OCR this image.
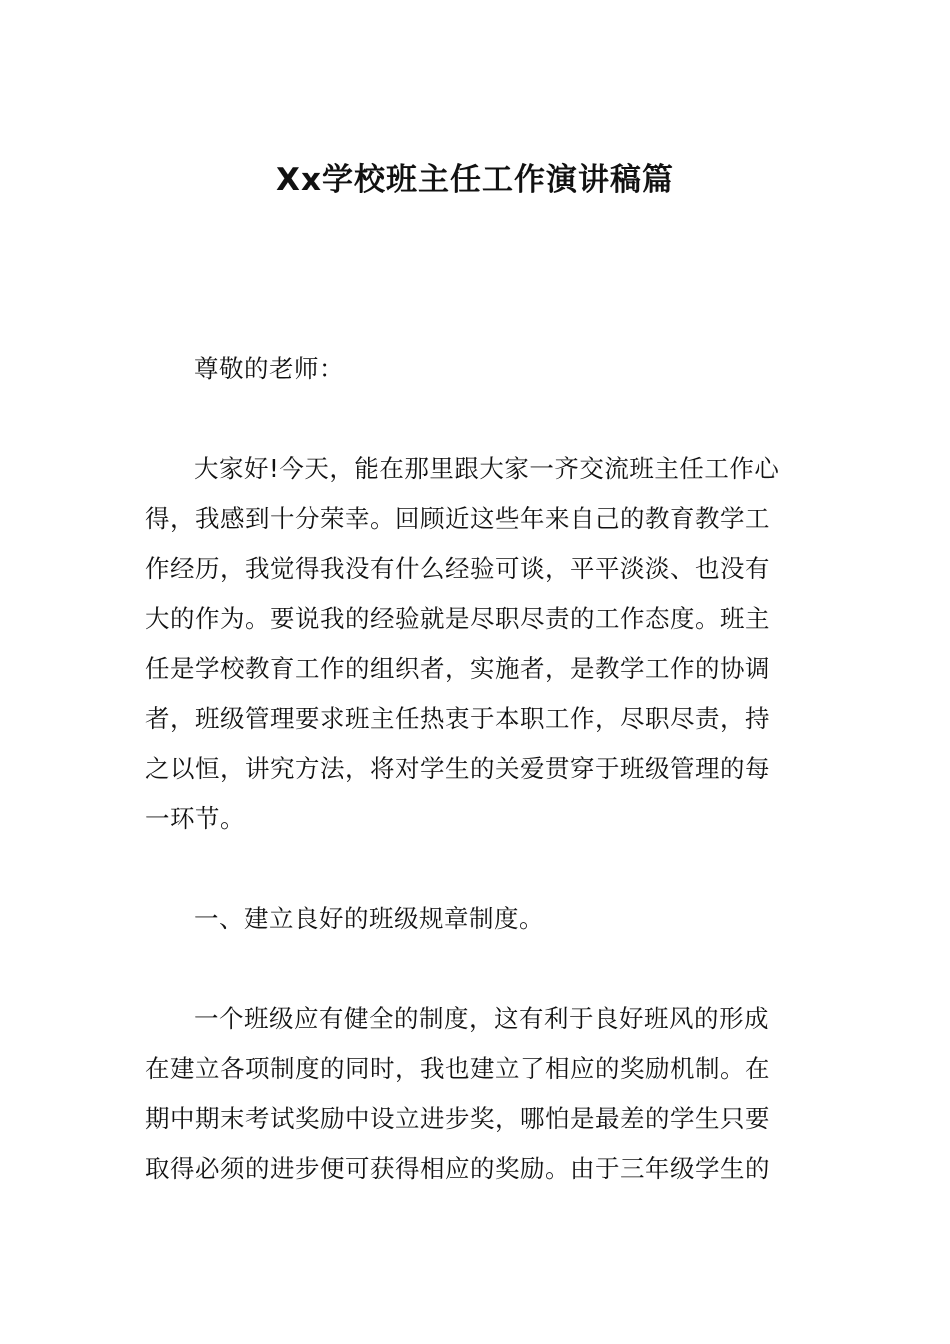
Xx学校班主任工作演讲稿篇

尊敬的老师：

大家好!今天，能在那里跟大家一齐交流班主任工作心
得，我感到十分荣幸。回顾近这些年来自己的教育教学工
作经历，我觉得我没有什么经验可谈，平平淡淡、也没有
大的作为。要说我的经验就是尽职尽责的工作态度。班主
任是学校教育工作的组织者，实施者，是教学工作的协调
者，班级管理要求班主任热衷于本职工作，尽职尽责，持
之以恒，讲究方法，将对学生的关爱贯穿于班级管理的每
一环节。

一、建立良好的班级规章制度。

一个班级应有健全的制度，这有利于良好班风的形成
在建立各项制度的同时，我也建立了相应的奖励机制。在
期中期末考试奖励中设立进步奖，哪怕是最差的学生只要
取得必须的进步便可获得相应的奖励。由于三年级学生的
